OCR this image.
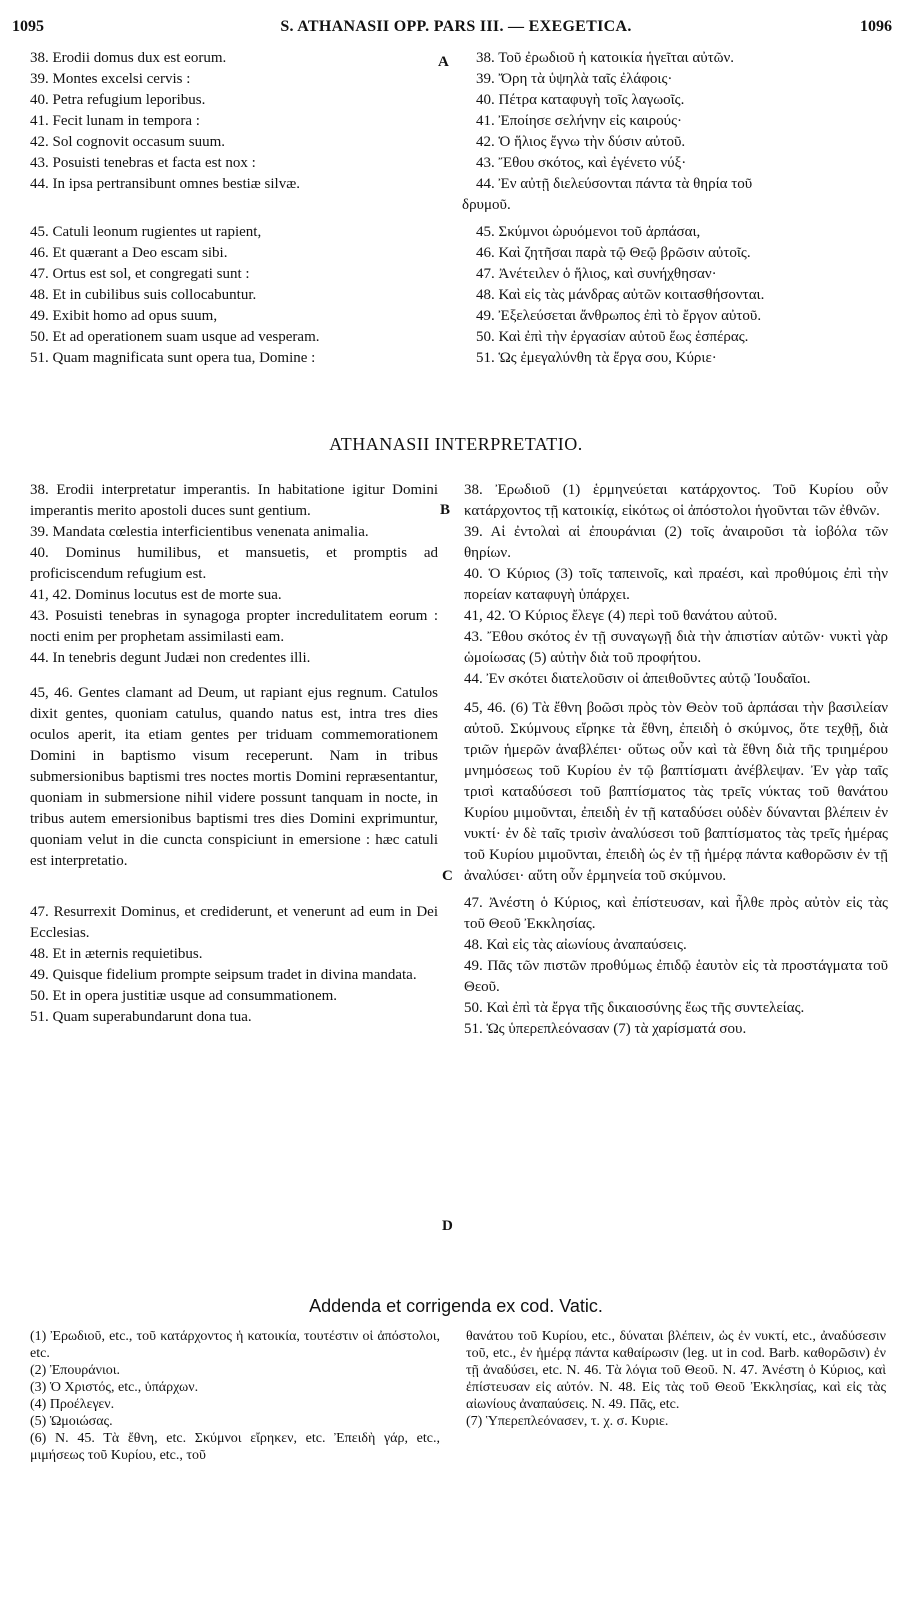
1095	S. ATHANASII OPP. PARS III. — EXEGETICA.	1096
A
38. Erodii domus dux est eorum.
39. Montes excelsi cervis :
40. Petra refugium leporibus.
41. Fecit lunam in tempora :
42. Sol cognovit occasum suum.
43. Posuisti tenebras et facta est nox :
44. In ipsa pertransibunt omnes bestiæ silvæ.
45. Catuli leonum rugientes ut rapient,
46. Et quærant a Deo escam sibi.
47. Ortus est sol, et congregati sunt :
48. Et in cubilibus suis collocabuntur.
49. Exibit homo ad opus suum,
50. Et ad operationem suam usque ad vesperam.
51. Quam magnificata sunt opera tua, Domine :
38. Τοῦ ἐρωδιοῦ ἡ κατοικία ἡγεῖται αὐτῶν.
39. Ὄρη τὰ ὑψηλὰ ταῖς ἐλάφοις·
40. Πέτρα καταφυγὴ τοῖς λαγωοῖς.
41. Ἐποίησε σελήνην εἰς καιρούς·
42. Ὁ ἥλιος ἔγνω τὴν δύσιν αὐτοῦ.
43. Ἔθου σκότος, καὶ ἐγένετο νύξ·
44. Ἐν αὐτῇ διελεύσονται πάντα τὰ θηρία τοῦ
δρυμοῦ.
45. Σκύμνοι ὠρυόμενοι τοῦ ἁρπάσαι,
46. Καὶ ζητῆσαι παρὰ τῷ Θεῷ βρῶσιν αὐτοῖς.
47. Ἀνέτειλεν ὁ ἥλιος, καὶ συνήχθησαν·
48. Καὶ εἰς τὰς μάνδρας αὐτῶν κοιτασθήσονται.
49. Ἐξελεύσεται ἄνθρωπος ἐπὶ τὸ ἔργον αὐτοῦ.
50. Καὶ ἐπὶ τὴν ἐργασίαν αὐτοῦ ἕως ἑσπέρας.
51. Ὡς ἐμεγαλύνθη τὰ ἔργα σου, Κύριε·
ATHANASII INTERPRETATIO.
B
C
D

38. Erodii interpretatur imperantis. In habitatione igitur Domini imperantis merito apostoli duces sunt gentium.

39. Mandata cœlestia interficientibus venenata animalia.

40. Dominus humilibus, et mansuetis, et promptis ad proficiscendum refugium est.

41, 42. Dominus locutus est de morte sua.

43. Posuisti tenebras in synagoga propter incredulitatem eorum : nocti enim per prophetam assimilasti eam.

44. In tenebris degunt Judæi non credentes illi.

45, 46. Gentes clamant ad Deum, ut rapiant ejus regnum. Catulos dixit gentes, quoniam catulus, quando natus est, intra tres dies oculos aperit, ita etiam gentes per triduam commemorationem Domini in baptismo visum receperunt. Nam in tribus submersionibus baptismi tres noctes mortis Domini repræsentantur, quoniam in submersione nihil videre possunt tanquam in nocte, in tribus autem emersionibus baptismi tres dies Domini exprimuntur, quoniam velut in die cuncta conspiciunt in emersione : hæc catuli est interpretatio.

47. Resurrexit Dominus, et crediderunt, et venerunt ad eum in Dei Ecclesias.

48. Et in æternis requietibus.

49. Quisque fidelium prompte seipsum tradet in divina mandata.

50. Et in opera justitiæ usque ad consummationem.

51. Quam superabundarunt dona tua.

38. Ἐρωδιοῦ (1) ἑρμηνεύεται κατάρχοντος. Τοῦ Κυρίου οὖν κατάρχοντος τῇ κατοικίᾳ, εἰκότως οἱ ἀπόστολοι ἡγοῦνται τῶν ἐθνῶν.

39. Αἱ ἐντολαὶ αἱ ἐπουράνιαι (2) τοῖς ἀναιροῦσι τὰ ἰοβόλα τῶν θηρίων.

40. Ὁ Κύριος (3) τοῖς ταπεινοῖς, καὶ πραέσι, καὶ προθύμοις ἐπὶ τὴν πορείαν καταφυγὴ ὑπάρχει.

41, 42. Ὁ Κύριος ἔλεγε (4) περὶ τοῦ θανάτου αὐτοῦ.

43. Ἔθου σκότος ἐν τῇ συναγωγῇ διὰ τὴν ἀπιστίαν αὐτῶν· νυκτὶ γὰρ ὡμοίωσας (5) αὐτὴν διὰ τοῦ προφήτου.

44. Ἐν σκότει διατελοῦσιν οἱ ἀπειθοῦντες αὐτῷ Ἰουδαῖοι.

45, 46. (6) Τὰ ἔθνη βοῶσι πρὸς τὸν Θεὸν τοῦ ἁρπάσαι τὴν βασιλείαν αὐτοῦ. Σκύμνους εἴρηκε τὰ ἔθνη, ἐπειδὴ ὁ σκύμνος, ὅτε τεχθῇ, διὰ τριῶν ἡμερῶν ἀναβλέπει· οὕτως οὖν καὶ τὰ ἔθνη διὰ τῆς τριημέρου μνημόσεως τοῦ Κυρίου ἐν τῷ βαπτίσματι ἀνέβλεψαν. Ἐν γὰρ ταῖς τρισὶ καταδύσεσι τοῦ βαπτίσματος τὰς τρεῖς νύκτας τοῦ θανάτου Κυρίου μιμοῦνται, ἐπειδὴ ἐν τῇ καταδύσει οὐδὲν δύνανται βλέπειν ἐν νυκτί· ἐν δὲ ταῖς τρισὶν ἀναλύσεσι τοῦ βαπτίσματος τὰς τρεῖς ἡμέρας τοῦ Κυρίου μιμοῦνται, ἐπειδὴ ὡς ἐν τῇ ἡμέρᾳ πάντα καθορῶσιν ἐν τῇ ἀναλύσει· αὕτη οὖν ἑρμηνεία τοῦ σκύμνου.

47. Ἀνέστη ὁ Κύριος, καὶ ἐπίστευσαν, καὶ ἦλθε πρὸς αὐτὸν εἰς τὰς τοῦ Θεοῦ Ἐκκλησίας.

48. Καὶ εἰς τὰς αἰωνίους ἀναπαύσεις.

49. Πᾶς τῶν πιστῶν προθύμως ἐπιδῷ ἑαυτὸν εἰς τὰ προστάγματα τοῦ Θεοῦ.

50. Καὶ ἐπὶ τὰ ἔργα τῆς δικαιοσύνης ἕως τῆς συντελείας.

51. Ὡς ὑπερεπλεόνασαν (7) τὰ χαρίσματά σου.

Addenda et corrigenda ex cod. Vatic.

(1) Ἐρωδιοῦ, etc., τοῦ κατάρχοντος ἡ κατοικία, τουτέστιν οἱ ἀπόστολοι, etc.

(2) Ἐπουράνιοι.

(3) Ὁ Χριστός, etc., ὑπάρχων.

(4) Προέλεγεν.

(5) Ὡμοιώσας.

(6) Ν. 45. Τὰ ἔθνη, etc. Σκύμνοι εἴρηκεν, etc. Ἐπειδὴ γάρ, etc., μιμήσεως τοῦ Κυρίου, etc., τοῦ

θανάτου τοῦ Κυρίου, etc., δύναται βλέπειν, ὡς ἐν νυκτί, etc., ἀναδύσεσιν τοῦ, etc., ἐν ἡμέρᾳ πάντα καθαίρωσιν (leg. ut in cod. Barb. καθορῶσιν) ἐν τῇ ἀναδύσει, etc. Ν. 46. Τὰ λόγια τοῦ Θεοῦ. Ν. 47. Ἀνέστη ὁ Κύριος, καὶ ἐπίστευσαν εἰς αὐτόν. Ν. 48. Εἰς τὰς τοῦ Θεοῦ Ἐκκλησίας, καὶ εἰς τὰς αἰωνίους ἀναπαύσεις. Ν. 49. Πᾶς, etc.

(7) Ὑπερεπλεόνασεν, τ. χ. σ. Κυριε.
